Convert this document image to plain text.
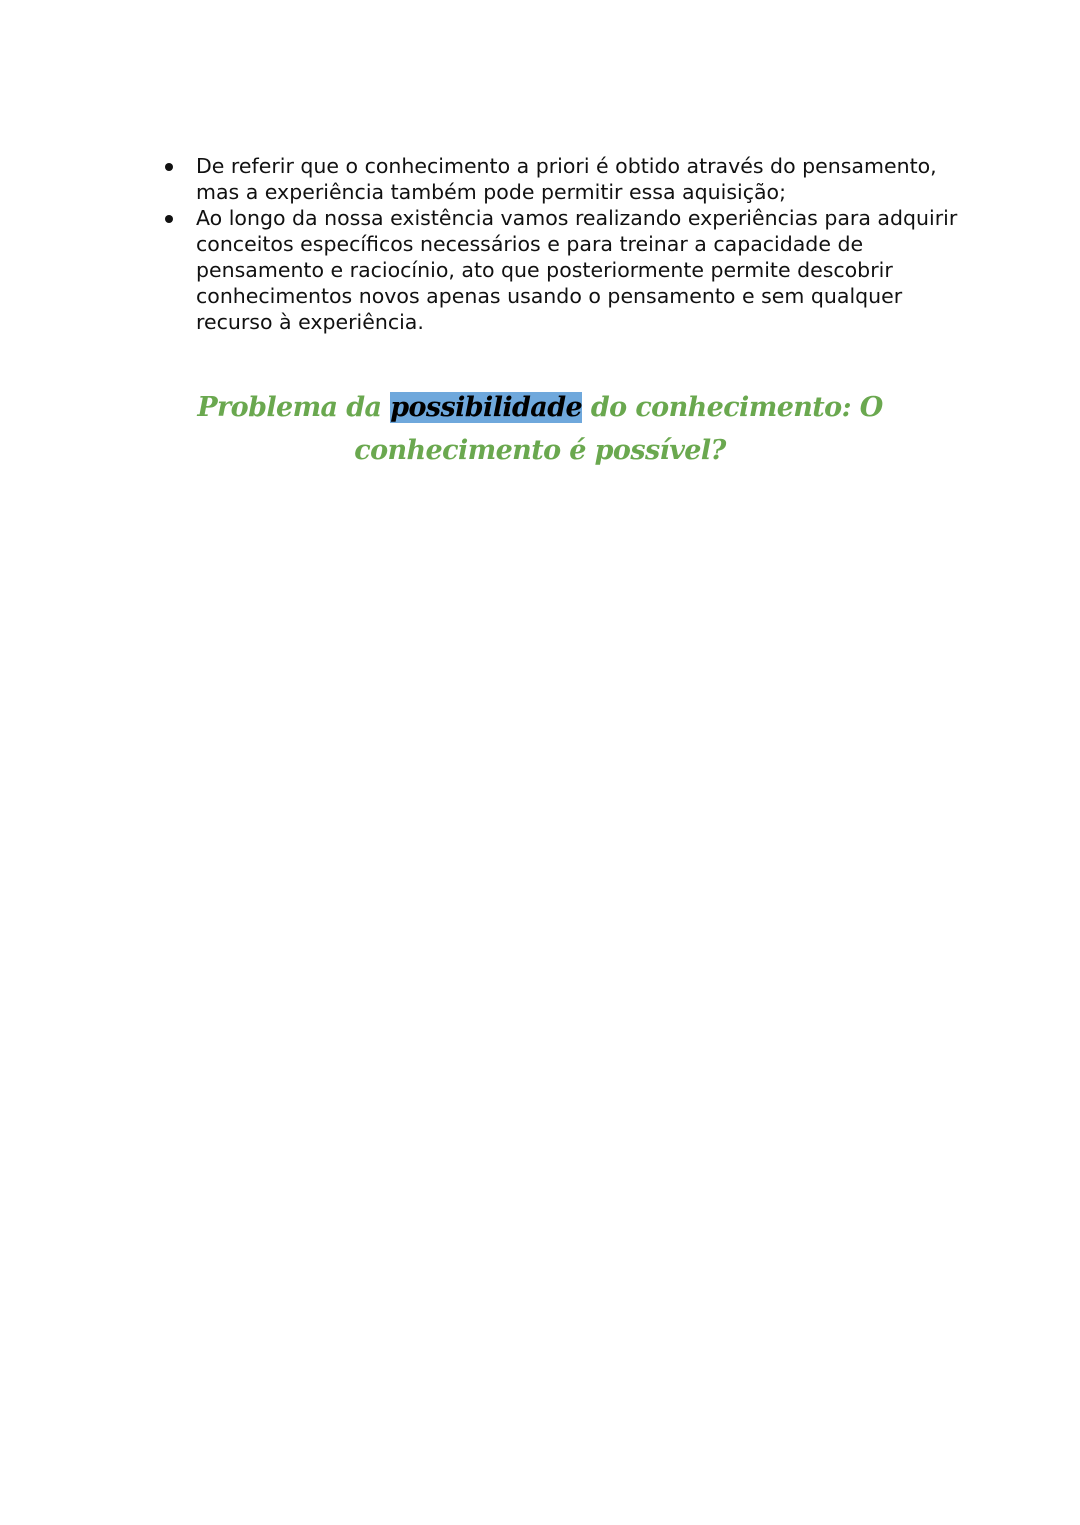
De referir que o conhecimento a priori é obtido através do pensamento, mas a experiência também pode permitir essa aquisição;
Ao longo da nossa existência vamos realizando experiências para adquirir conceitos específicos necessários e para treinar a capacidade de pensamento e raciocínio, ato que posteriormente permite descobrir conhecimentos novos apenas usando o pensamento e sem qualquer recurso à experiência.
Problema da possibilidade do conhecimento: O conhecimento é possível?
